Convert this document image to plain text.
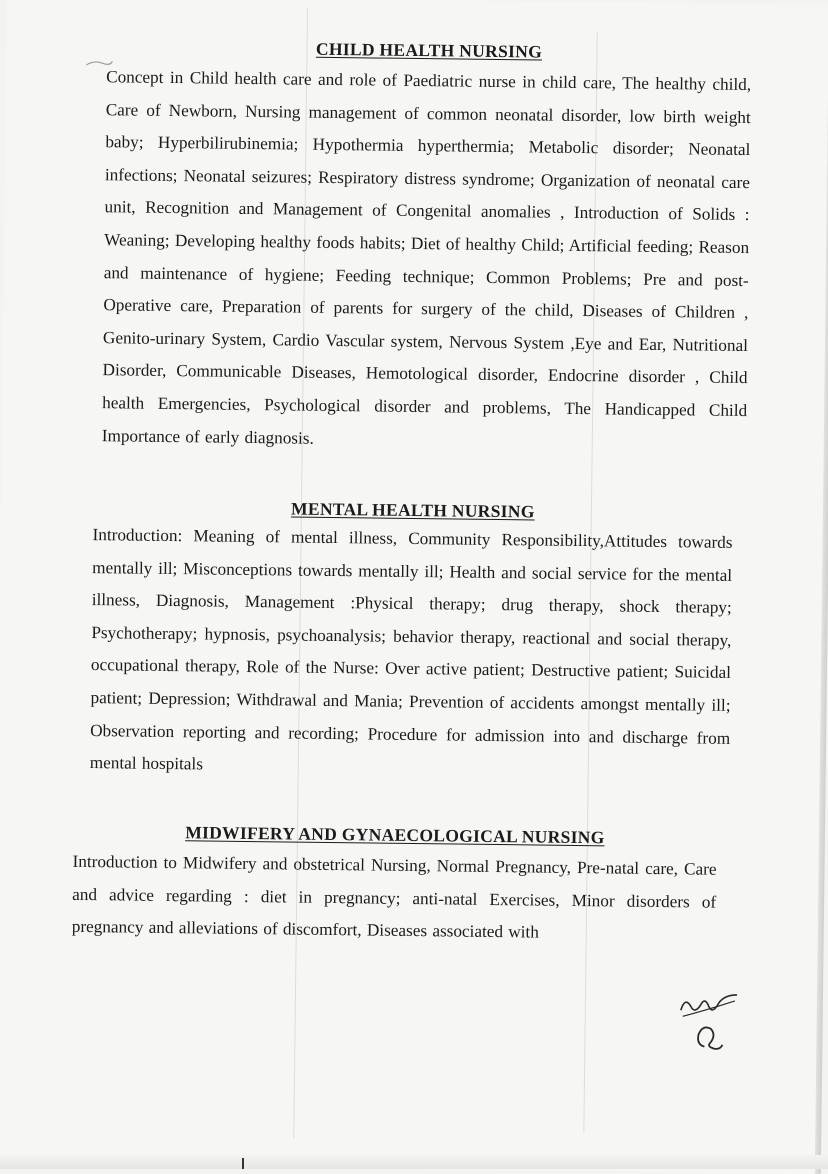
CHILD HEALTH NURSING
Concept in Child health care and role of Paediatric nurse in child care, The healthy child, Care of Newborn, Nursing management of common neonatal disorder, low birth weight baby; Hyperbilirubinemia; Hypothermia hyperthermia; Metabolic disorder; Neonatal infections; Neonatal seizures; Respiratory distress syndrome; Organization of neonatal care unit, Recognition and Management of Congenital anomalies , Introduction of Solids : Weaning; Developing healthy foods habits; Diet of healthy Child; Artificial feeding; Reason and maintenance of hygiene; Feeding technique; Common Problems; Pre and post-Operative care, Preparation of parents for surgery of the child, Diseases of Children , Genito-urinary System, Cardio Vascular system, Nervous System ,Eye and Ear, Nutritional Disorder, Communicable Diseases, Hemotological disorder, Endocrine disorder , Child health Emergencies, Psychological disorder and problems, The Handicapped Child Importance of early diagnosis.
MENTAL HEALTH NURSING
Introduction: Meaning of mental illness, Community Responsibility,Attitudes towards mentally ill; Misconceptions towards mentally ill; Health and social service for the mental illness, Diagnosis, Management :Physical therapy; drug therapy, shock therapy; Psychotherapy; hypnosis, psychoanalysis; behavior therapy, reactional and social therapy, occupational therapy, Role of the Nurse: Over active patient; Destructive patient; Suicidal patient; Depression; Withdrawal and Mania; Prevention of accidents amongst mentally ill; Observation reporting and recording; Procedure for admission into and discharge from mental hospitals
MIDWIFERY AND GYNAECOLOGICAL NURSING
Introduction to Midwifery and obstetrical Nursing, Normal Pregnancy, Pre-natal care, Care and advice regarding : diet in pregnancy; anti-natal Exercises, Minor disorders of pregnancy and alleviations of discomfort, Diseases associated with
